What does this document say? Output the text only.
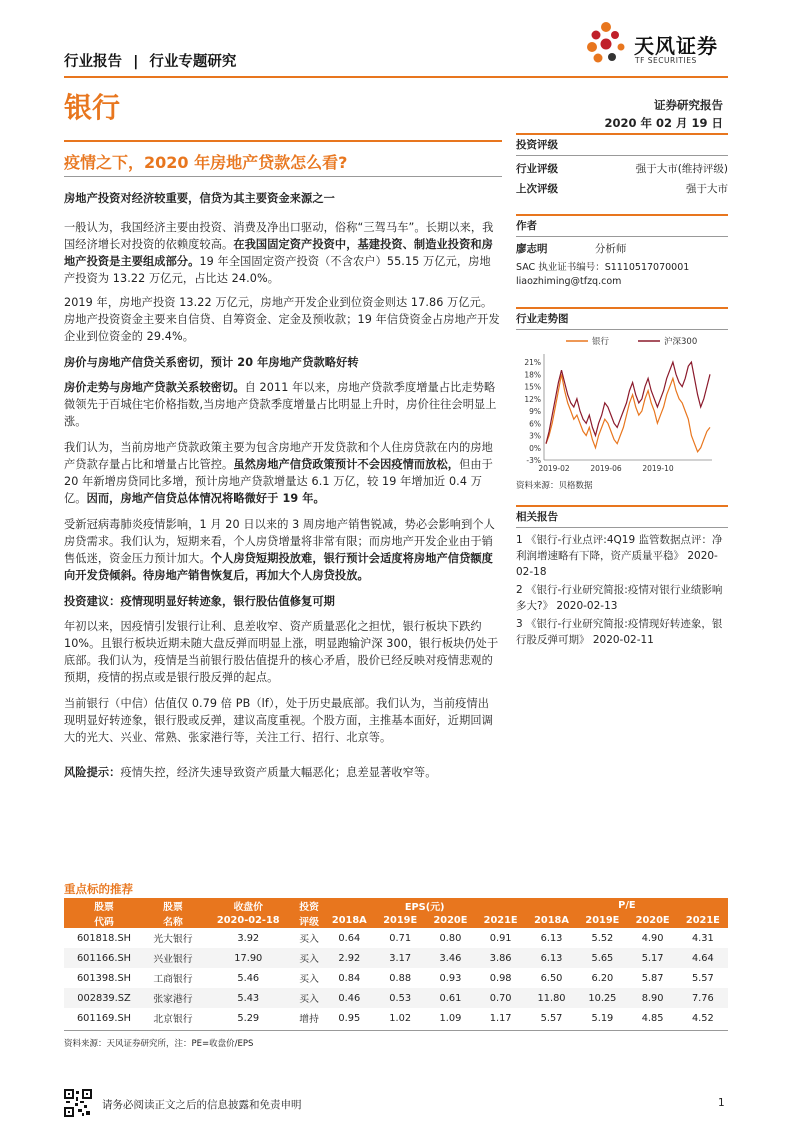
行业报告 | 行业专题研究
天风证券
TF SECURITIES
银行	证券研究报告
2020 年 02 月 19 日
疫情之下，2020 年房地产贷款怎么看?
投资评级
行业评级	强于大市(维持评级)
上次评级	强于大市
作者
廖志明	分析师
SAC 执业证书编号：S1110517070001
liaozhiming@tfzq.com
行业走势图
银行	沪深300
-3%
0%
3%
6%
9%
12%
15%
18%
21%
2019-02	2019-06	2019-10
资料来源：贝格数据
相关报告
1 《银行-行业点评:4Q19 监管数据点评：净利润增速略有下降，资产质量平稳》 2020-02-18
2 《银行-行业研究简报:疫情对银行业绩影响多大?》 2020-02-13
3 《银行-行业研究简报:疫情现好转迹象，银行股反弹可期》 2020-02-11
房地产投资对经济较重要，信贷为其主要资金来源之一
一般认为，我国经济主要由投资、消费及净出口驱动，俗称“三驾马车”。长期以来，我国经济增长对投资的依赖度较高。在我国固定资产投资中，基建投资、制造业投资和房地产投资是主要组成部分。19 年全国固定资产投资（不含农户）55.15 万亿元，房地产投资为 13.22 万亿元，占比达 24.0%。
2019 年，房地产投资 13.22 万亿元，房地产开发企业到位资金则达 17.86 万亿元。房地产投资资金主要来自信贷、自筹资金、定金及预收款；19 年信贷资金占房地产开发企业到位资金的 29.4%。
房价与房地产信贷关系密切，预计 20 年房地产贷款略好转
房价走势与房地产贷款关系较密切。自 2011 年以来，房地产贷款季度增量占比走势略微领先于百城住宅价格指数,当房地产贷款季度增量占比明显上升时，房价往往会明显上涨。
我们认为，当前房地产贷款政策主要为包含房地产开发贷款和个人住房贷款在内的房地产贷款存量占比和增量占比管控。虽然房地产信贷政策预计不会因疫情而放松，但由于 20 年新增房贷同比多增，预计房地产贷款增量达 6.1 万亿，较 19 年增加近 0.4 万亿。因而，房地产信贷总体情况将略微好于 19 年。
受新冠病毒肺炎疫情影响，1 月 20 日以来的 3 周房地产销售锐减，势必会影响到个人房贷需求。我们认为，短期来看，个人房贷增量将非常有限；而房地产开发企业由于销售低迷，资金压力预计加大。个人房贷短期投放难，银行预计会适度将房地产信贷额度向开发贷倾斜。待房地产销售恢复后，再加大个人房贷投放。
投资建议：疫情现明显好转迹象，银行股估值修复可期
年初以来，因疫情引发银行让利、息差收窄、资产质量恶化之担忧，银行板块下跌约 10%。且银行板块近期未随大盘反弹而明显上涨，明显跑输沪深 300，银行板块仍处于底部。我们认为，疫情是当前银行股估值提升的核心矛盾，股价已经反映对疫情悲观的预期，疫情的拐点或是银行股反弹的起点。
当前银行（中信）估值仅 0.79 倍 PB（lf），处于历史最底部。我们认为，当前疫情出现明显好转迹象，银行股或反弹，建议高度重视。个股方面，主推基本面好，近期回调大的光大、兴业、常熟、张家港行等，关注工行、招行、北京等。
风险提示：疫情失控，经济失速导致资产质量大幅恶化；息差显著收窄等。
重点标的推荐
股票	股票	收盘价	投资	EPS(元)				P/E			
代码	名称	2020-02-18	评级	2018A	2019E	2020E	2021E	2018A	2019E	2020E	2021E
601818.SH	光大银行	3.92	买入	0.64	0.71	0.80	0.91	6.13	5.52	4.90	4.31
601166.SH	兴业银行	17.90	买入	2.92	3.17	3.46	3.86	6.13	5.65	5.17	4.64
601398.SH	工商银行	5.46	买入	0.84	0.88	0.93	0.98	6.50	6.20	5.87	5.57
002839.SZ	张家港行	5.43	买入	0.46	0.53	0.61	0.70	11.80	10.25	8.90	7.76
601169.SH	北京银行	5.29	增持	0.95	1.02	1.09	1.17	5.57	5.19	4.85	4.52
资料来源：天风证券研究所，注：PE=收盘价/EPS
请务必阅读正文之后的信息披露和免责申明	1
